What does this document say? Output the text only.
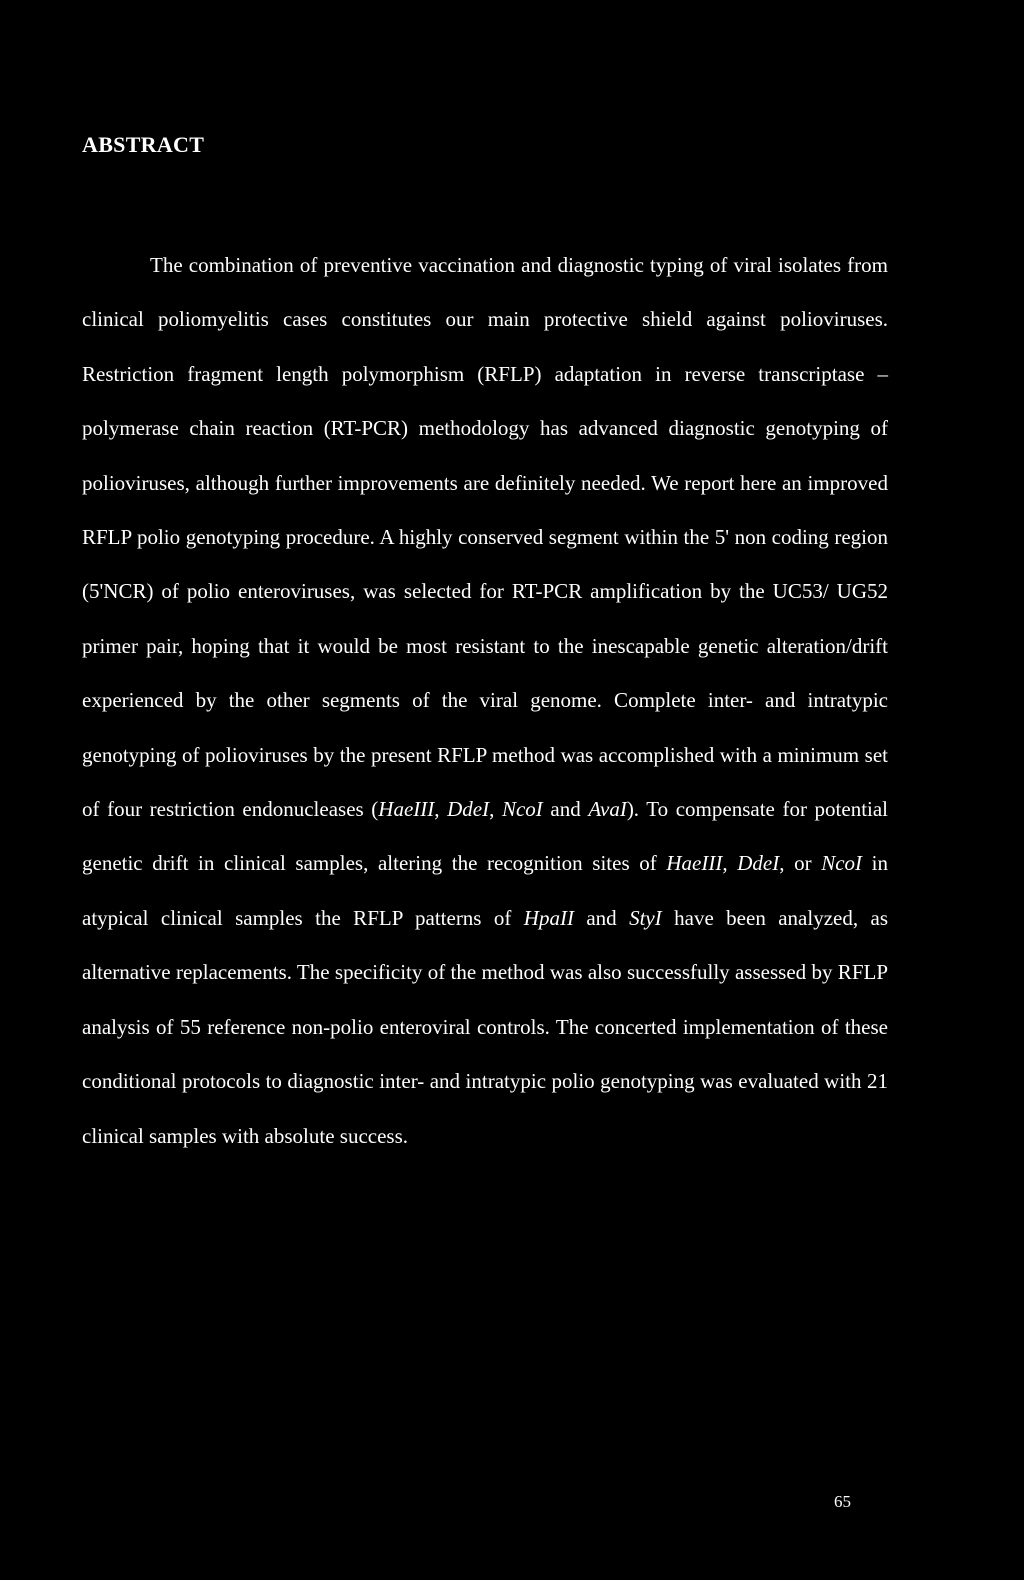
ABSTRACT

The combination of preventive vaccination and diagnostic typing of viral isolates from clinical poliomyelitis cases constitutes our main protective shield against polioviruses. Restriction fragment length polymorphism (RFLP) adaptation in reverse transcriptase – polymerase chain reaction (RT-PCR) methodology has advanced diagnostic genotyping of polioviruses, although further improvements are definitely needed. We report here an improved RFLP polio genotyping procedure. A highly conserved segment within the 5' non coding region (5'NCR) of polio enteroviruses, was selected for RT-PCR amplification by the UC53/ UG52 primer pair, hoping that it would be most resistant to the inescapable genetic alteration/drift experienced by the other segments of the viral genome. Complete inter- and intratypic genotyping of polioviruses by the present RFLP method was accomplished with a minimum set of four restriction endonucleases (HaeIII, DdeI, NcoI and AvaI). To compensate for potential genetic drift in clinical samples, altering the recognition sites of HaeIII, DdeI, or NcoI in atypical clinical samples the RFLP patterns of HpaII and StyI have been analyzed, as alternative replacements. The specificity of the method was also successfully assessed by RFLP analysis of 55 reference non-polio enteroviral controls. The concerted implementation of these conditional protocols to diagnostic inter- and intratypic polio genotyping was evaluated with 21 clinical samples with absolute success.

65
